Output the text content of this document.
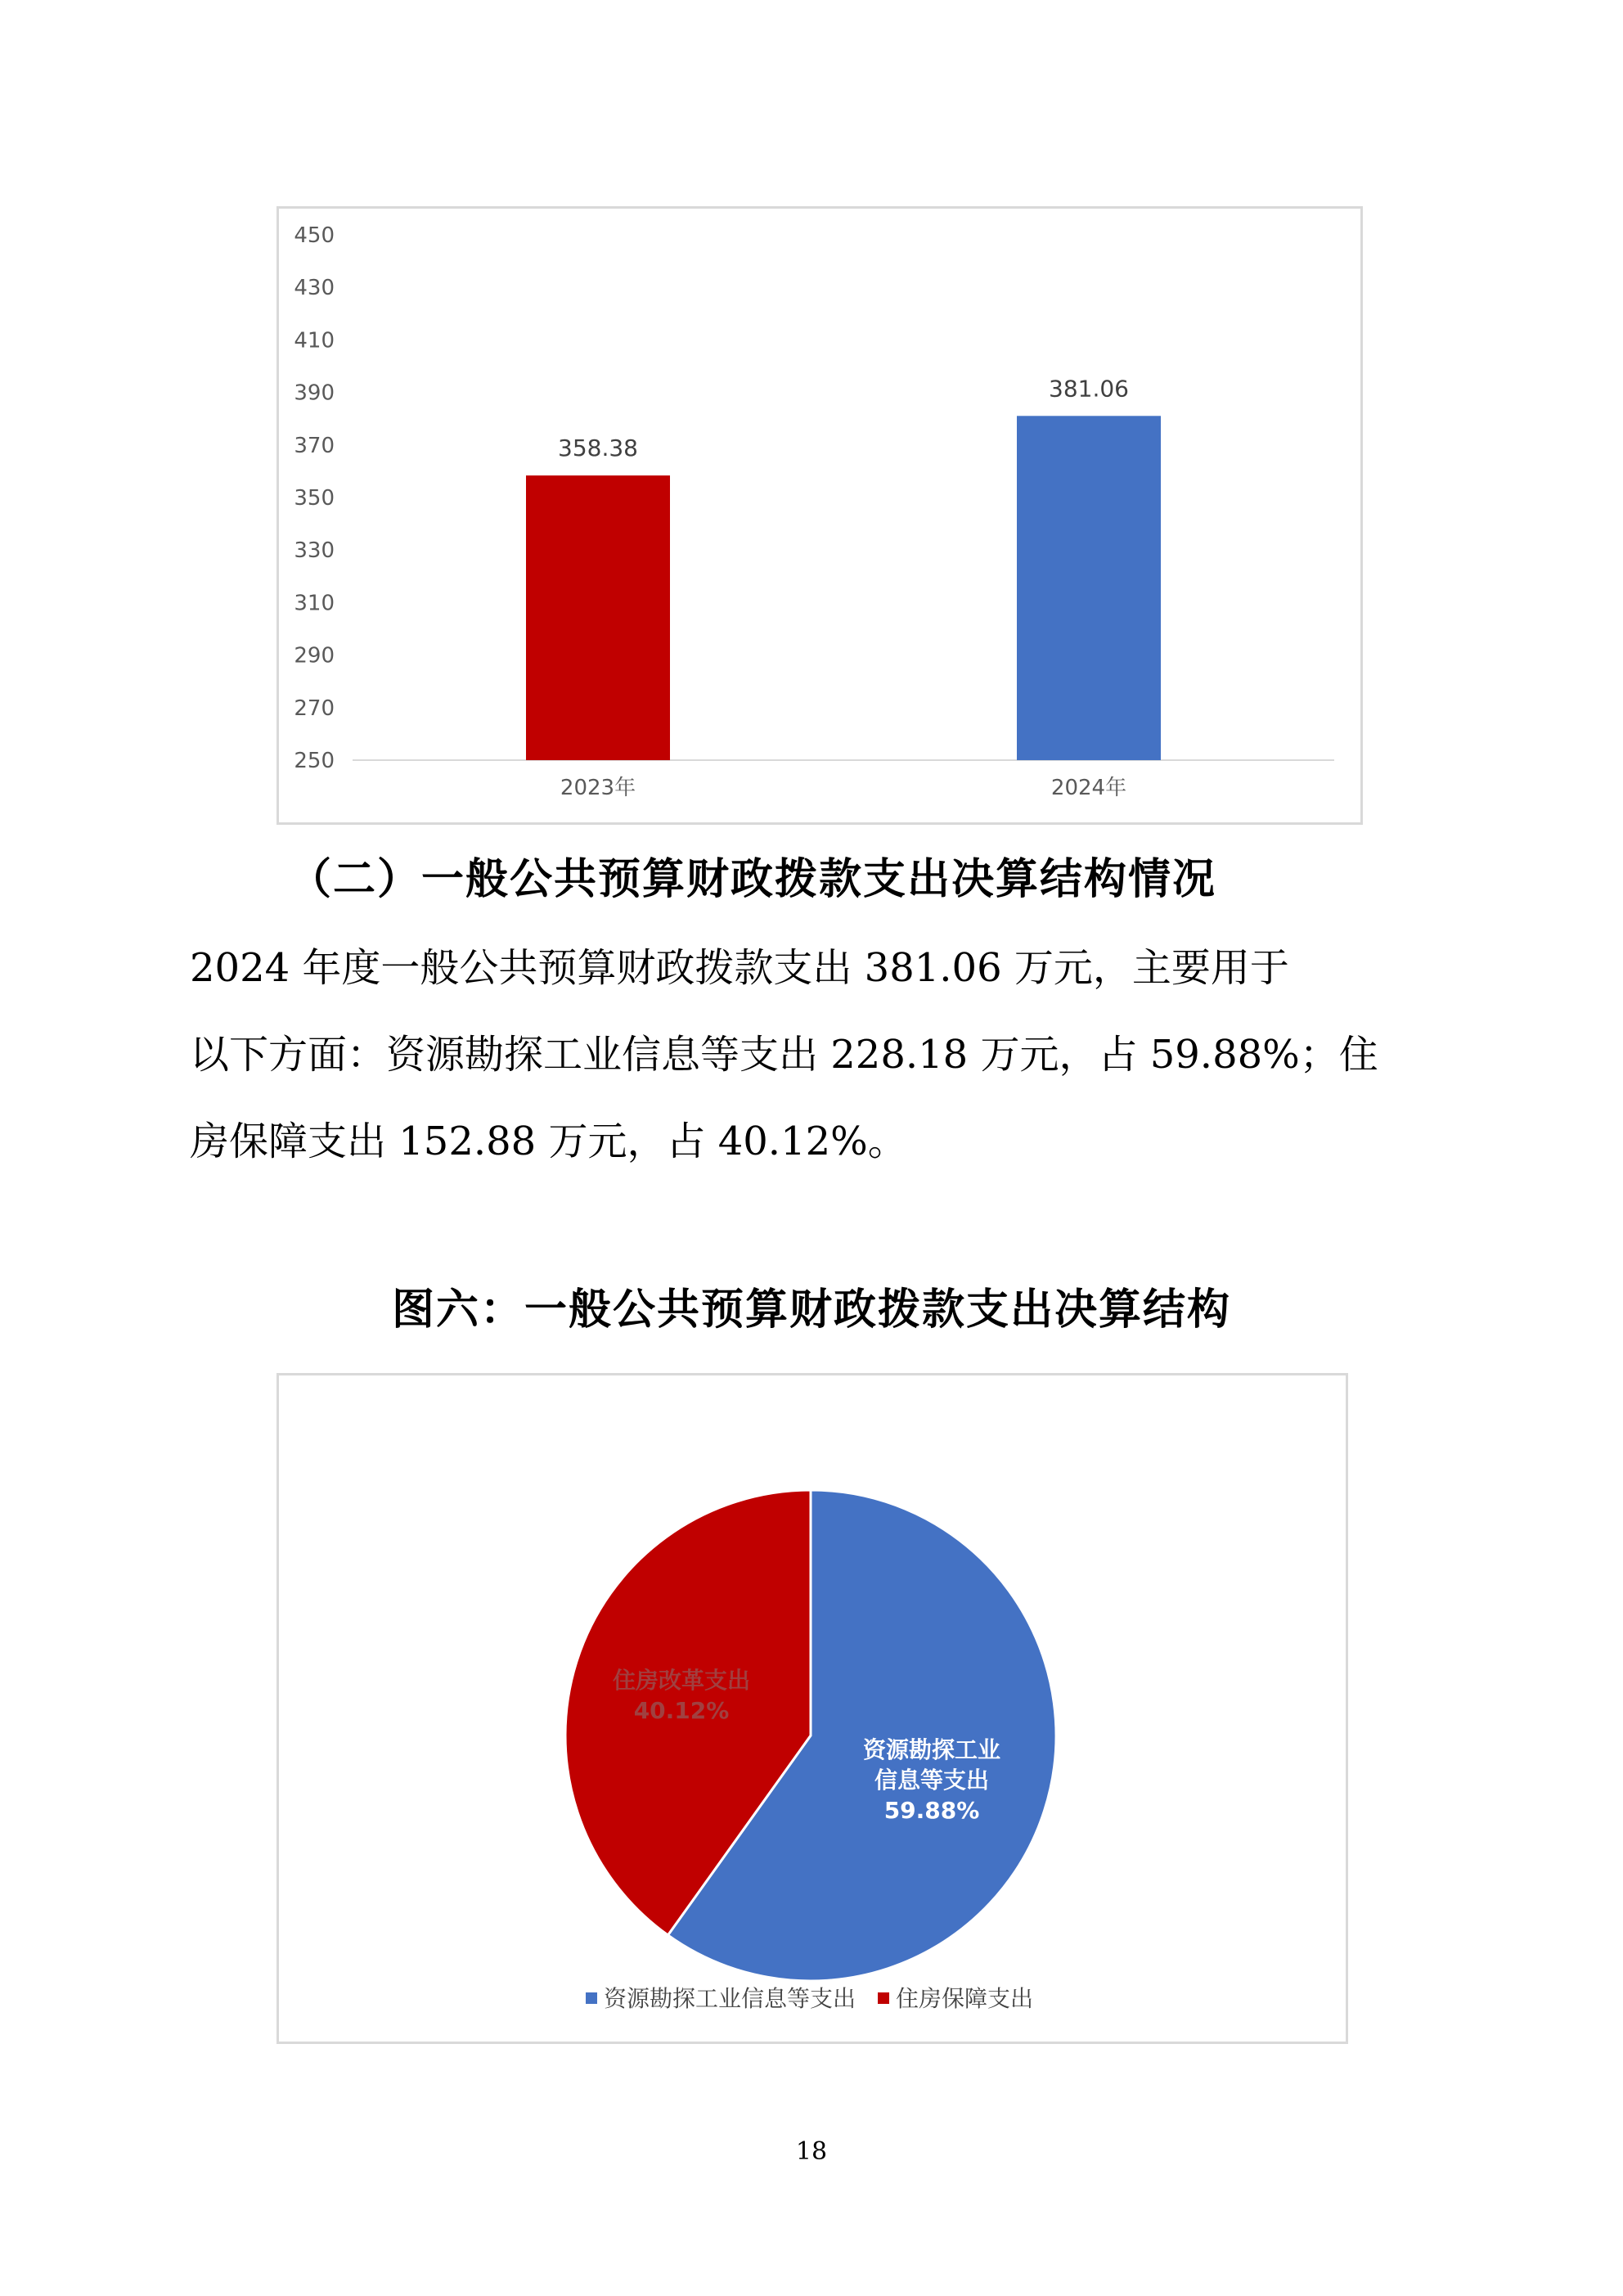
450
430
410
390
370
350
330
310
290
270
250
358.38
2023年
381.06
2024年
（二）一般公共预算财政拨款支出决算结构情况
2024 年度一般公共预算财政拨款支出 381.06 万元，主要用于
以下方面：资源勘探工业信息等支出 228.18 万元，占 59.88%；住
房保障支出 152.88 万元，占 40.12%。
图六：一般公共预算财政拨款支出决算结构
资源勘探工业
信息等支出
59.88%
住房改革支出
40.12%
资源勘探工业信息等支出 住房保障支出
18
